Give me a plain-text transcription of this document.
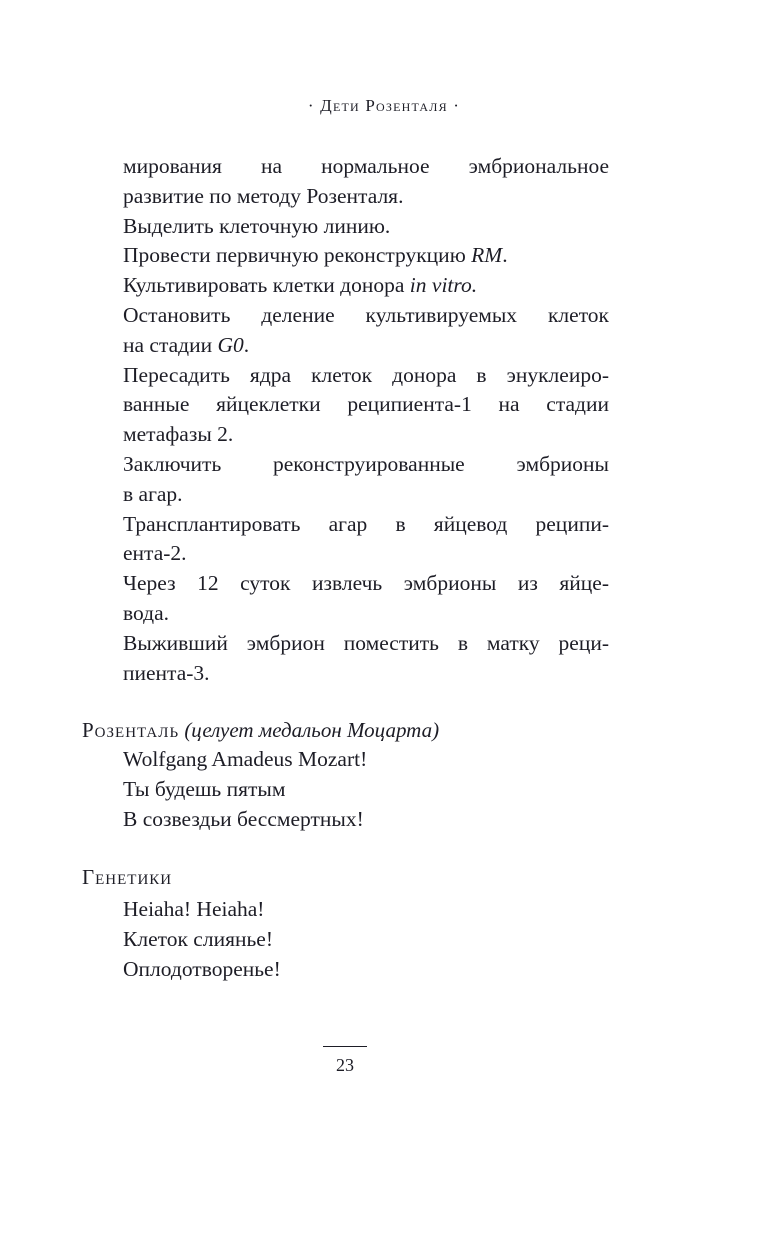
· Дети Розенталя ·
мирования на нормальное эмбриональное
развитие по методу Розенталя.
Выделить клеточную линию.
Провести первичную реконструкцию RM.
Культивировать клетки донора in vitro.
Остановить деление культивируемых клеток
на стадии G0.
Пересадить ядра клеток донора в энуклеиро-
ванные яйцеклетки реципиента-1 на стадии
метафазы 2.
Заключить реконструированные эмбрионы
в агар.
Трансплантировать агар в яйцевод реципи-
ента-2.
Через 12 суток извлечь эмбрионы из яйце-
вода.
Выживший эмбрион поместить в матку реци-
пиента-3.
Розенталь (целует медальон Моцарта)
Wolfgang Amadeus Mozart!
Ты будешь пятым
В созвездьи бессмертных!
Генетики
Heiaha! Heiaha!
Клеток слиянье!
Оплодотворенье!
23
